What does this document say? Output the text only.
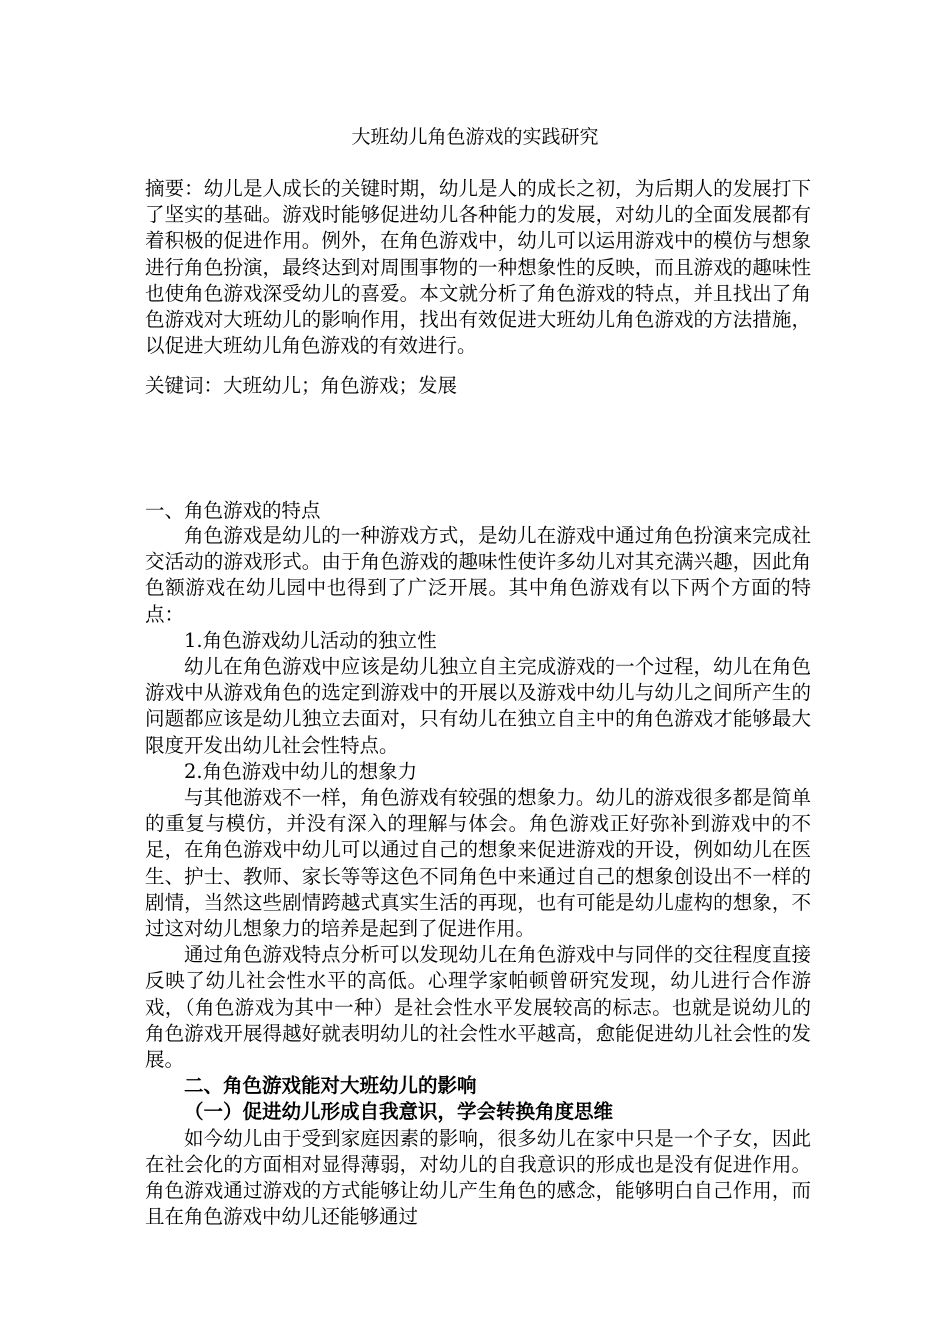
大班幼儿角色游戏的实践研究

摘要：幼儿是人成长的关键时期，幼儿是人的成长之初，为后期人的发展打下了坚实的基础。游戏时能够促进幼儿各种能力的发展，对幼儿的全面发展都有着积极的促进作用。例外，在角色游戏中，幼儿可以运用游戏中的模仿与想象进行角色扮演，最终达到对周围事物的一种想象性的反映，而且游戏的趣味性也使角色游戏深受幼儿的喜爱。本文就分析了角色游戏的特点，并且找出了角色游戏对大班幼儿的影响作用，找出有效促进大班幼儿角色游戏的方法措施，以促进大班幼儿角色游戏的有效进行。

关键词：大班幼儿；角色游戏；发展

一、角色游戏的特点

角色游戏是幼儿的一种游戏方式，是幼儿在游戏中通过角色扮演来完成社交活动的游戏形式。由于角色游戏的趣味性使许多幼儿对其充满兴趣，因此角色额游戏在幼儿园中也得到了广泛开展。其中角色游戏有以下两个方面的特点：
1.角色游戏幼儿活动的独立性
幼儿在角色游戏中应该是幼儿独立自主完成游戏的一个过程，幼儿在角色游戏中从游戏角色的选定到游戏中的开展以及游戏中幼儿与幼儿之间所产生的问题都应该是幼儿独立去面对，只有幼儿在独立自主中的角色游戏才能够最大限度开发出幼儿社会性特点。
2.角色游戏中幼儿的想象力
与其他游戏不一样，角色游戏有较强的想象力。幼儿的游戏很多都是简单的重复与模仿，并没有深入的理解与体会。角色游戏正好弥补到游戏中的不足，在角色游戏中幼儿可以通过自己的想象来促进游戏的开设，例如幼儿在医生、护士、教师、家长等等这色不同角色中来通过自己的想象创设出不一样的剧情，当然这些剧情跨越式真实生活的再现，也有可能是幼儿虚构的想象，不过这对幼儿想象力的培养是起到了促进作用。
通过角色游戏特点分析可以发现幼儿在角色游戏中与同伴的交往程度直接反映了幼儿社会性水平的高低。心理学家帕顿曾研究发现，幼儿进行合作游戏，（角色游戏为其中一种）是社会性水平发展较高的标志。也就是说幼儿的角色游戏开展得越好就表明幼儿的社会性水平越高，愈能促进幼儿社会性的发展。
二、角色游戏能对大班幼儿的影响
（一）促进幼儿形成自我意识，学会转换角度思维
如今幼儿由于受到家庭因素的影响，很多幼儿在家中只是一个子女，因此在社会化的方面相对显得薄弱，对幼儿的自我意识的形成也是没有促进作用。角色游戏通过游戏的方式能够让幼儿产生角色的感念，能够明白自己作用，而且在角色游戏中幼儿还能够通过
